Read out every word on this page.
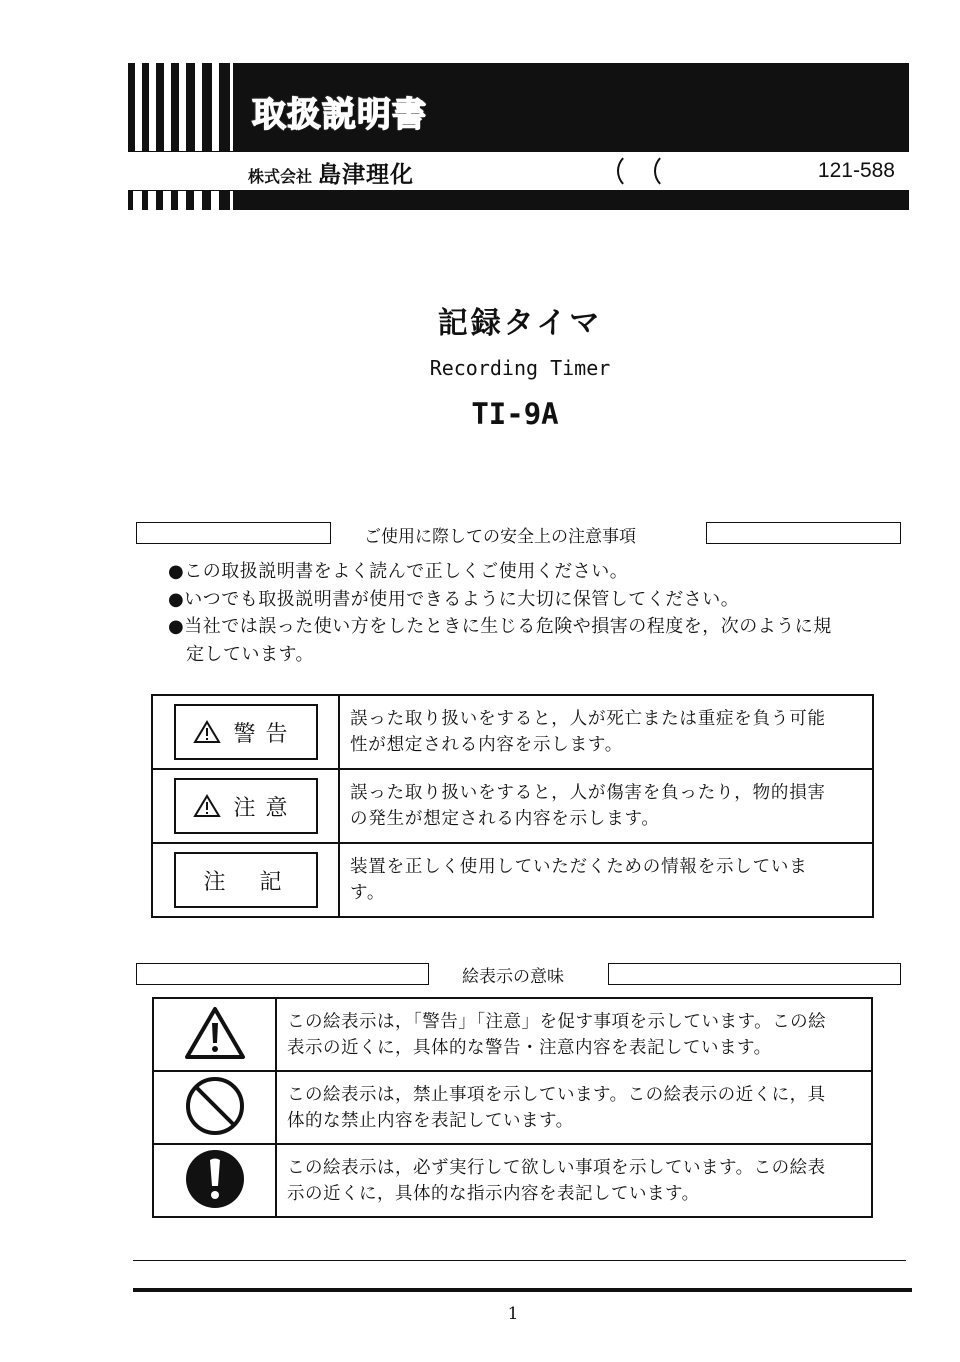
取扱説明書
株式会社 島津理化	121-588
記録タイマ
Recording Timer
TI-9A
ご使用に際しての安全上の注意事項
●この取扱説明書をよく読んで正しくご使用ください。
●いつでも取扱説明書が使用できるように大切に保管してください。
●当社では誤った使い方をしたときに生じる危険や損害の程度を，次のように規
定しています。
警告	誤った取り扱いをすると，人が死亡または重症を負う可能
性が想定される内容を示します。

注意	誤った取り扱いをすると，人が傷害を負ったり，物的損害
の発生が想定される内容を示します。

注　記	装置を正しく使用していただくための情報を示していま
す。
絵表示の意味

この絵表示は，「警告」「注意」を促す事項を示しています。この絵
表示の近くに，具体的な警告・注意内容を表記しています。

この絵表示は，禁止事項を示しています。この絵表示の近くに，具
体的な禁止内容を表記しています。

この絵表示は，必ず実行して欲しい事項を示しています。この絵表
示の近くに，具体的な指示内容を表記しています。
1
